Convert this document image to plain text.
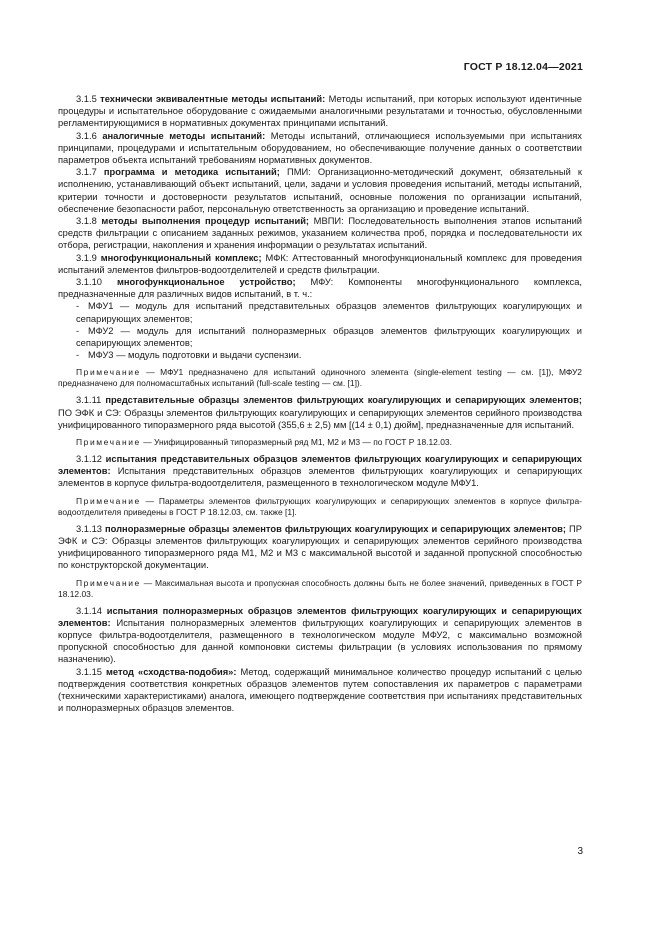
ГОСТ Р 18.12.04—2021

3.1.5 технически эквивалентные методы испытаний: Методы испытаний, при которых используют идентичные процедуры и испытательное оборудование с ожидаемыми аналогичными результатами и точностью, обусловленными регламентирующимися в нормативных документах принципами испытаний.

3.1.6 аналогичные методы испытаний: Методы испытаний, отличающиеся используемыми при испытаниях принципами, процедурами и испытательным оборудованием, но обеспечивающие получение данных о соответствии параметров объекта испытаний требованиям нормативных документов.

3.1.7 программа и методика испытаний; ПМИ: Организационно-методический документ, обязательный к исполнению, устанавливающий объект испытаний, цели, задачи и условия проведения испытаний, методы испытаний, критерии точности и достоверности результатов испытаний, основные положения по организации испытаний, обеспечение безопасности работ, персональную ответственность за организацию и проведение испытаний.

3.1.8 методы выполнения процедур испытаний; МВПИ: Последовательность выполнения этапов испытаний средств фильтрации с описанием заданных режимов, указанием количества проб, порядка и последовательности их отбора, регистрации, накопления и хранения информации о результатах испытаний.

3.1.9 многофункциональный комплекс; МФК: Аттестованный многофункциональный комплекс для проведения испытаний элементов фильтров-водоотделителей и средств фильтрации.

3.1.10 многофункциональное устройство; МФУ: Компоненты многофункционального комплекса, предназначенные для различных видов испытаний, в т. ч.:

- МФУ1 — модуль для испытаний представительных образцов элементов фильтрующих коагулирующих и сепарирующих элементов;

- МФУ2 — модуль для испытаний полноразмерных образцов элементов фильтрующих коагулирующих и сепарирующих элементов;

- МФУ3 — модуль подготовки и выдачи суспензии.

Примечание — МФУ1 предназначено для испытаний одиночного элемента (single-element testing — см. [1]), МФУ2 предназначено для полномасштабных испытаний (full-scale testing — см. [1]).

3.1.11 представительные образцы элементов фильтрующих коагулирующих и сепарирующих элементов; ПО ЭФК и СЭ: Образцы элементов фильтрующих коагулирующих и сепарирующих элементов серийного производства унифицированного типоразмерного ряда высотой (355,6 ± 2,5) мм [(14 ± 0,1) дюйм], предназначенные для испытаний.

Примечание — Унифицированный типоразмерный ряд М1, М2 и М3 — по ГОСТ Р 18.12.03.

3.1.12 испытания представительных образцов элементов фильтрующих коагулирующих и сепарирующих элементов: Испытания представительных образцов элементов фильтрующих коагулирующих и сепарирующих элементов в корпусе фильтра-водоотделителя, размещенного в технологическом модуле МФУ1.

Примечание — Параметры элементов фильтрующих коагулирующих и сепарирующих элементов в корпусе фильтра-водоотделителя приведены в ГОСТ Р 18.12.03, см. также [1].

3.1.13 полноразмерные образцы элементов фильтрующих коагулирующих и сепарирующих элементов; ПР ЭФК и СЭ: Образцы элементов фильтрующих коагулирующих и сепарирующих элементов серийного производства унифицированного типоразмерного ряда М1, М2 и М3 с максимальной высотой и заданной пропускной способностью по конструкторской документации.

Примечание — Максимальная высота и пропускная способность должны быть не более значений, приведенных в ГОСТ Р 18.12.03.

3.1.14 испытания полноразмерных образцов элементов фильтрующих коагулирующих и сепарирующих элементов: Испытания полноразмерных элементов фильтрующих коагулирующих и сепарирующих элементов в корпусе фильтра-водоотделителя, размещенного в технологическом модуле МФУ2, с максимально возможной пропускной способностью для данной компоновки системы фильтрации (в условиях использования по прямому назначению).

3.1.15 метод «сходства-подобия»: Метод, содержащий минимальное количество процедур испытаний с целью подтверждения соответствия конкретных образцов элементов путем сопоставления их параметров с параметрами (техническими характеристиками) аналога, имеющего подтверждение соответствия при испытаниях представительных и полноразмерных образцов элементов.

3
